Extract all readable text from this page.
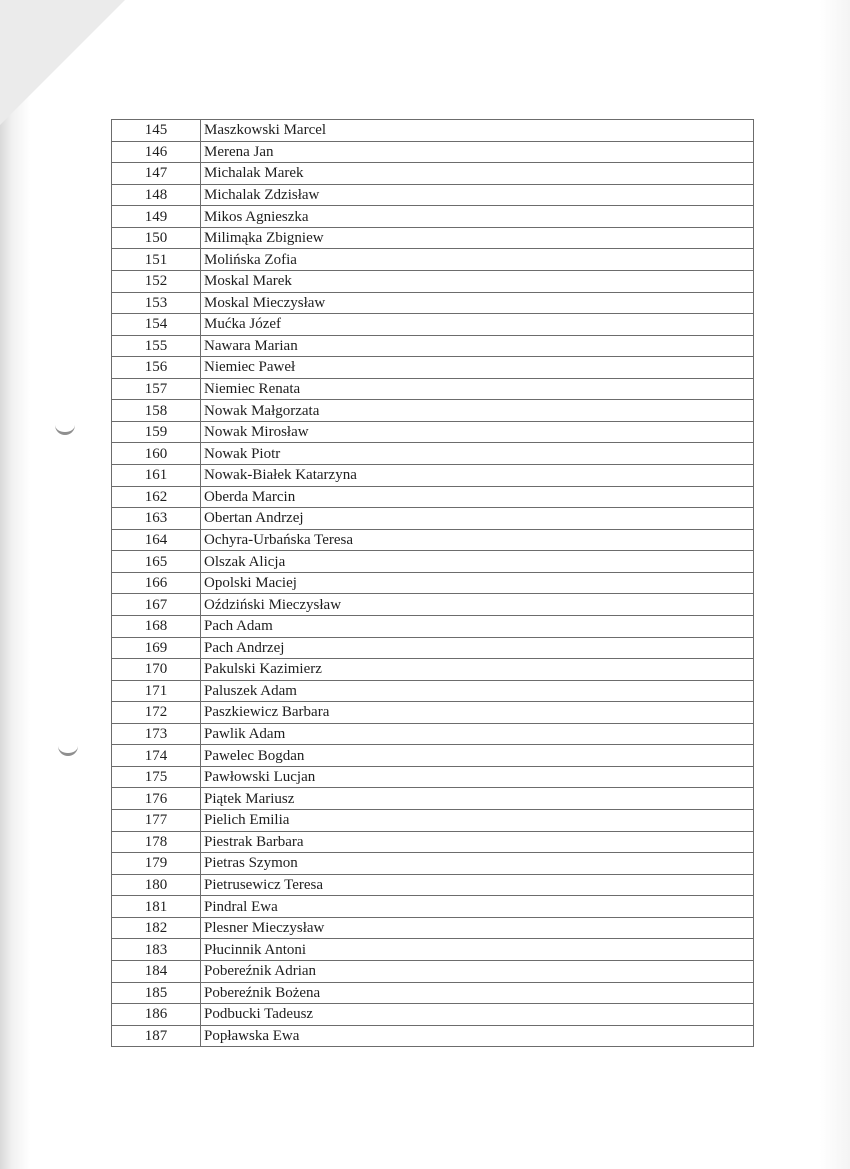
145	Maszkowski Marcel
146	Merena Jan
147	Michalak Marek
148	Michalak Zdzisław
149	Mikos Agnieszka
150	Milimąka Zbigniew
151	Molińska Zofia
152	Moskal Marek
153	Moskal Mieczysław
154	Mućka Józef
155	Nawara Marian
156	Niemiec Paweł
157	Niemiec Renata
158	Nowak Małgorzata
159	Nowak Mirosław
160	Nowak Piotr
161	Nowak-Białek Katarzyna
162	Oberda Marcin
163	Obertan Andrzej
164	Ochyra-Urbańska Teresa
165	Olszak Alicja
166	Opolski Maciej
167	Oździński Mieczysław
168	Pach Adam
169	Pach Andrzej
170	Pakulski Kazimierz
171	Paluszek Adam
172	Paszkiewicz Barbara
173	Pawlik Adam
174	Pawelec Bogdan
175	Pawłowski Lucjan
176	Piątek Mariusz
177	Pielich Emilia
178	Piestrak Barbara
179	Pietras Szymon
180	Pietrusewicz Teresa
181	Pindral Ewa
182	Plesner Mieczysław
183	Płucinnik Antoni
184	Pobereźnik Adrian
185	Pobereźnik Bożena
186	Podbucki Tadeusz
187	Popławska Ewa
